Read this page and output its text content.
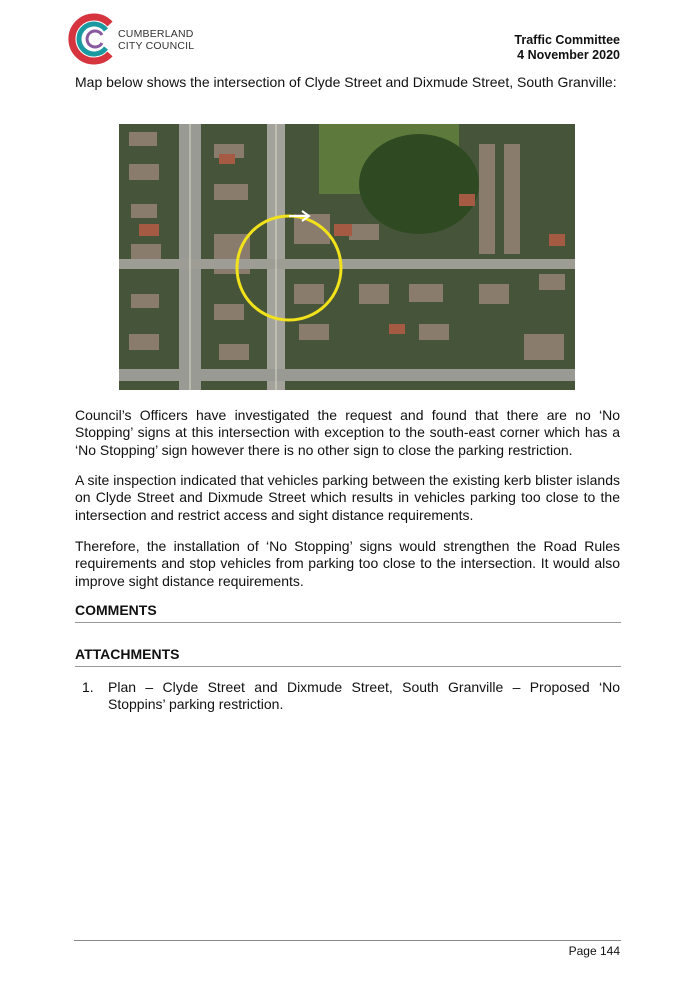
CUMBERLAND
CITY COUNCIL	Traffic Committee
4 November 2020
Map below shows the intersection of Clyde Street and Dixmude Street, South Granville:
Council’s Officers have investigated the request and found that there are no ‘No Stopping’ signs at this intersection with exception to the south-east corner which has a ‘No Stopping’ sign however there is no other sign to close the parking restriction.
A site inspection indicated that vehicles parking between the existing kerb blister islands on Clyde Street and Dixmude Street which results in vehicles parking too close to the intersection and restrict access and sight distance requirements.
Therefore, the installation of ‘No Stopping’ signs would strengthen the Road Rules requirements and stop vehicles from parking too close to the intersection. It would also improve sight distance requirements.
COMMENTS
ATTACHMENTS
1. Plan – Clyde Street and Dixmude Street, South Granville – Proposed ‘No Stoppins’ parking restriction.
Page 144
